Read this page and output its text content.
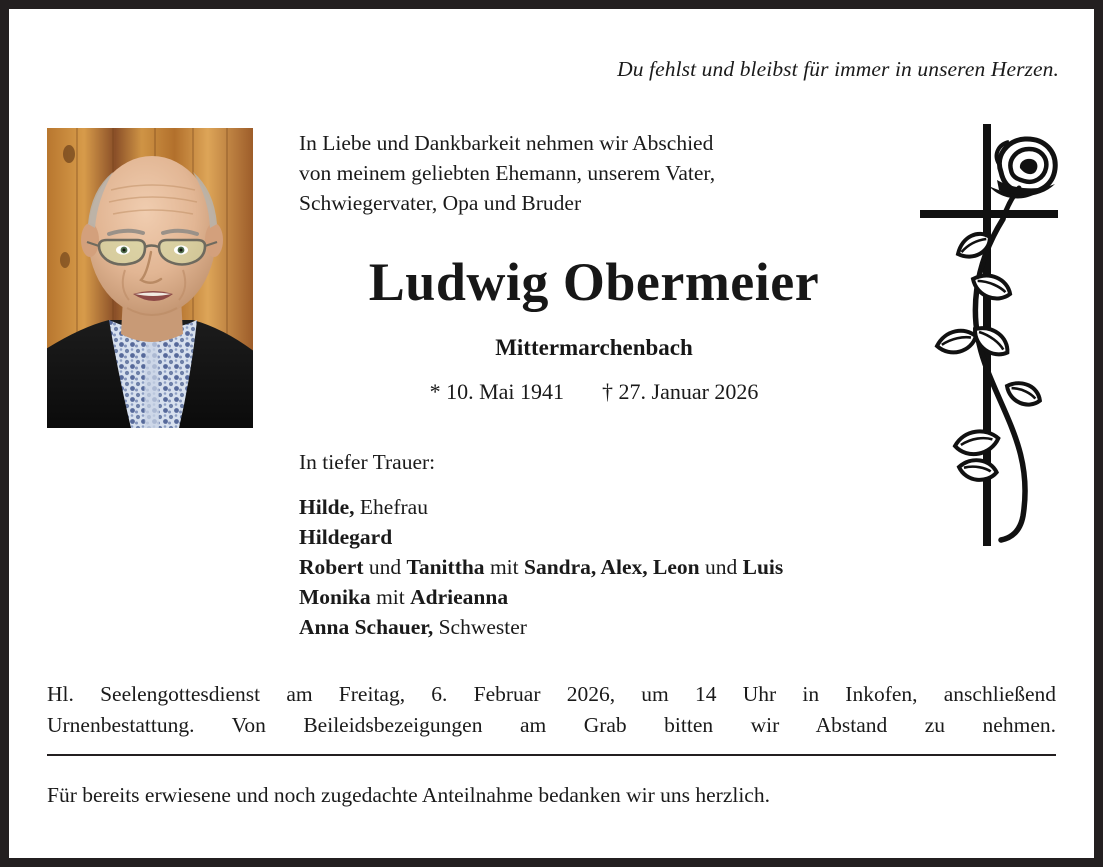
Du fehlst und bleibst für immer in unseren Herzen.
In Liebe und Dankbarkeit nehmen wir Abschied
von meinem geliebten Ehemann, unserem Vater,
Schwiegervater, Opa und Bruder
Ludwig Obermeier
Mittermarchenbach
* 10. Mai 1941 † 27. Januar 2026
In tiefer Trauer:
Hilde, Ehefrau
Hildegard
Robert und Tanittha mit Sandra, Alex, Leon und Luis
Monika mit Adrieanna
Anna Schauer, Schwester
Hl. Seelengottesdienst am Freitag, 6. Februar 2026, um 14 Uhr in Inkofen, anschließend
Urnenbestattung. Von Beileidsbezeigungen am Grab bitten wir Abstand zu nehmen.
Für bereits erwiesene und noch zugedachte Anteilnahme bedanken wir uns herzlich.
